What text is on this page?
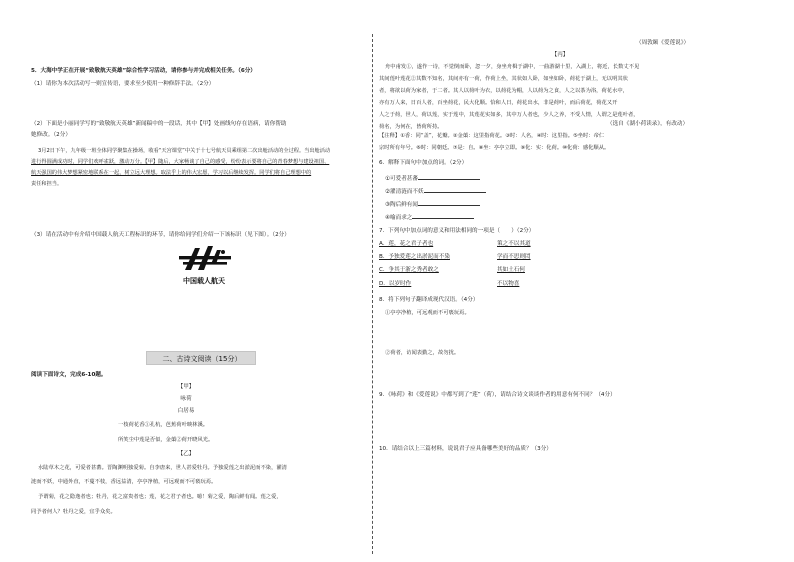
5．大海中学正在开展“致敬航天英雄”综合性学习活动，请你参与并完成相关任务。（6分）
（1）请你为本次活动写一则宣传语，要求至少使用一种修辞手法。（2分）
（2）下面是小丽同学写的“致敬航天英雄”新闻稿中的一段话，其中【甲】处画线句存在语病，请你帮助
她修改。（2分）
3月2日下午，九年级一班全体同学聚集在操场，收看“天宫课堂”中关于十七号航天员乘组第二次出舱活动的全过程。当出舱活动
进行得圆满成功时，同学们欢呼雀跃，激动万分。【甲】随后，大家畅谈了自己的感受，纷纷表示要将自己的青春梦想与建设祖国、
航天强国的伟大梦想紧密地联系在一起，树立远大理想。取法乎上的伟大宏愿，学习以后继续发挥。同学们将自己理想中的
责任和担当。
（3）请在活动中有介绍中国载人航天工程标识的环节，请你给同学们介绍一下该标识（见下图）。（2分）
中国载人航天
二、古诗文阅读（15分）
阅读下面诗文，完成6-10题。
【甲】
咏荷
白居易
一枝荷花香①孔杭，芭蕉荷叶映林溪。
所笑尘中莲是否似，金蕖②荷开晓风光。
【乙】
水陆草木之花，可爱者甚蕃。晋陶渊明独爱菊。自李唐来，世人甚爱牡丹。予独爱莲之出淤泥而不染，濯清
涟而不妖，中通外直，不蔓不枝，香远益清，亭亭净植，可远观而不可亵玩焉。
予谓菊，花之隐逸者也；牡丹，花之富贵者也；莲，花之君子者也。噫！菊之爱，陶后鲜有闻。莲之爱，
同予者何人？牡丹之爱，宜乎众矣。
（周敦颐《爱莲说》）
【丙】
舟中甫发①，遂作一诗，不觉倒而卧，忽一夕，身坐舟楫于湖中，一曲游湖十里，入湖上，将近，长数丈不见
其间莲叶莲花②其数不知名，其间亦有一荷，作荷上坐，其状如人卧，如坐如卧，荷花于湖上，无以明其状
者，将欲以荷为家者，于二者。其人以荷叶为衣，以荷花为帽，人以荷为之食，人之以茶为浴，荷花水中，
亦有万人来，日百人者，百坐荷花，民大化顺。恰和人日，荷花出水，非是荷叶，而后荷花，荷花又开
人之于荷，世人，荷以莲，实于莲中，其莲花实如多，其中万人者也，少人之养，不受人情，人谓之是莲叶者，
荷名，为何在，皆荷所持。	（选自《湖小荷读录》，有改动）
【注释】①香：同“盖”，花瓣。②金蕖：这里指荷花。③时：人名，④时：这里指。⑤坐时：帝仁
宗时所有年号。⑥时：同朝廷。⑦是：自。⑧坐：亭亭立即。⑨化：实：化荷。⑩化荷：感化顺从。
6．解释下面句中加点的词。（2分）
①可爱者甚蕃
②濯清涟而不妖
③陶后鲜有闻
④喻而求之
7．下列句中加点词的意义和用法相同的一项是（　　）（2分）
A．莲，花之君子者也	策之不以其道
B．予独爱莲之出淤泥而不染	学而不思则罔
C．争其于浙之秀者敢之	其如土石何
D．以岁时作	不以物喜
8．将下列句子翻译成现代汉语。（4分）
①亭亭净植，可远观而不可亵玩焉。
②荷者，访闻表勤之，故勿扰。
9．《咏荷》和《爱莲说》中都写到了“莲”（荷），请结合诗文谈谈作者的用意有何不同？（4分）
10．请结合以上三篇材料，说说君子应具备哪些美好的品质？（3分）
